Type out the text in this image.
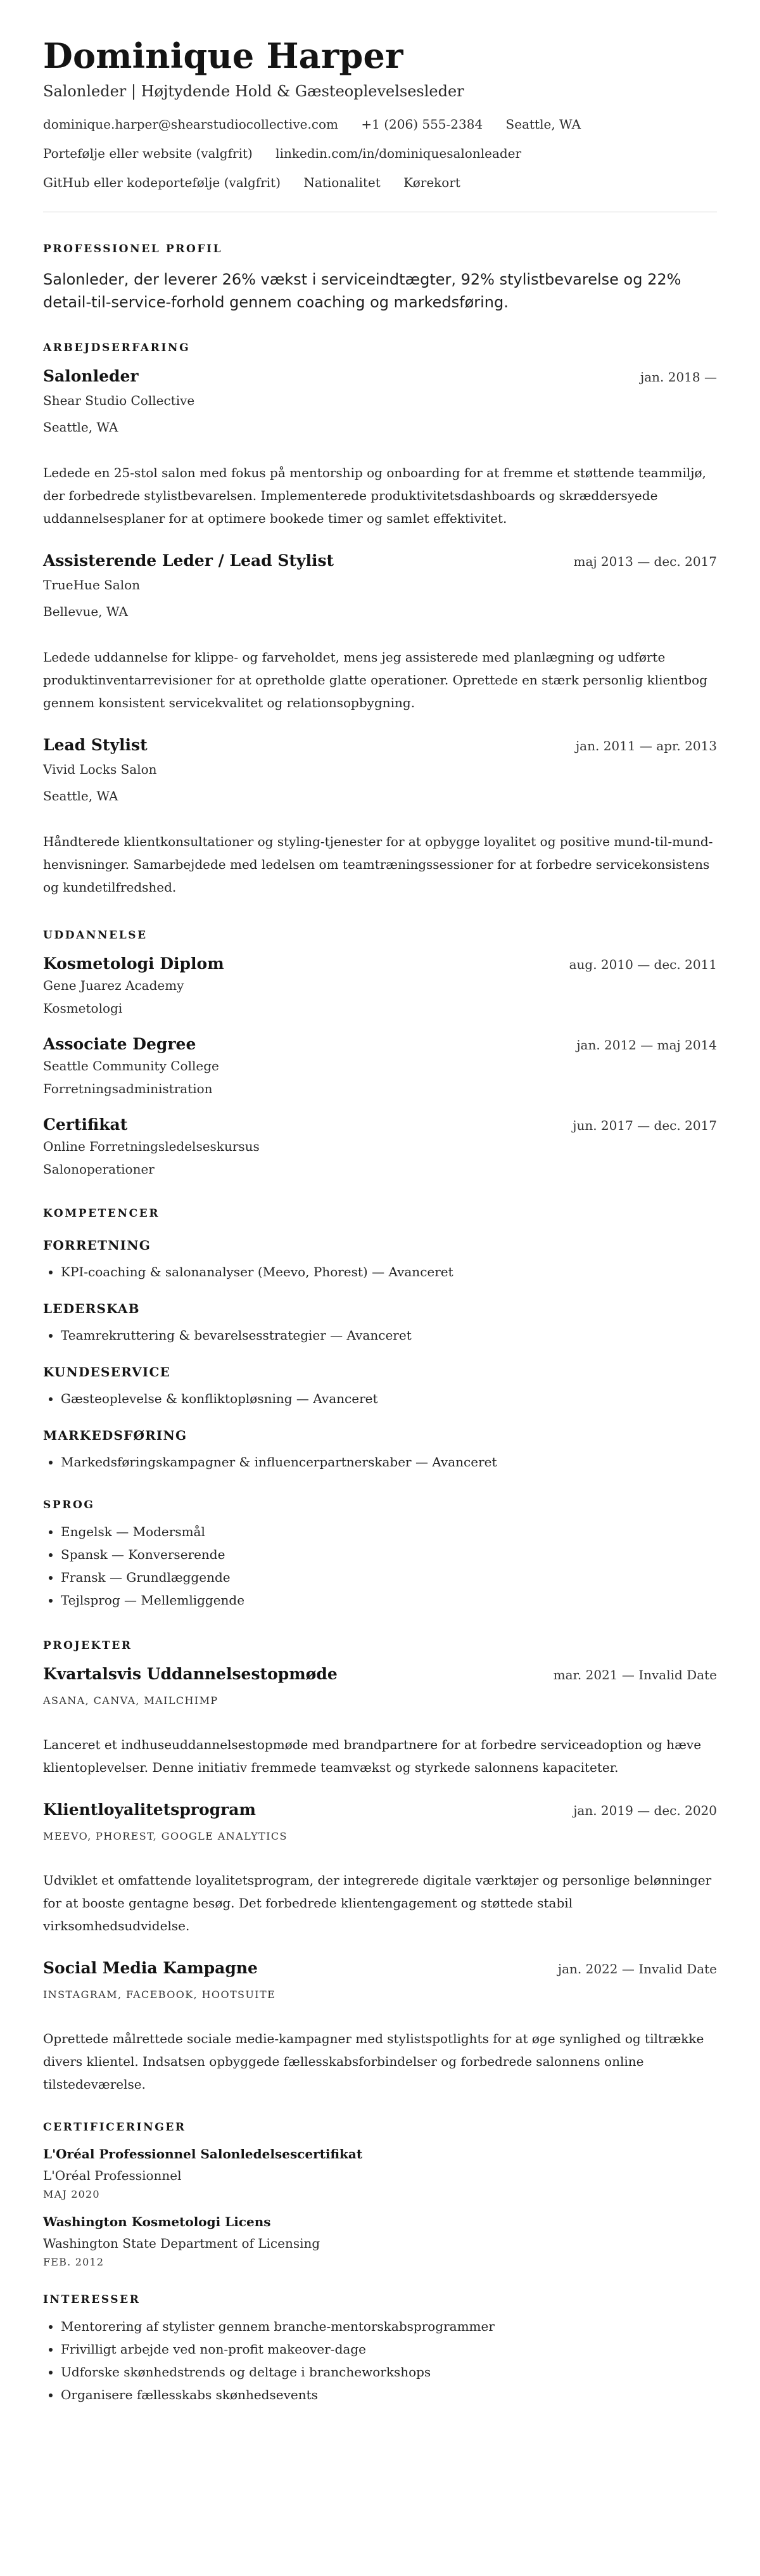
Dominique Harper
Salonleder | Højtydende Hold & Gæsteoplevelsesleder
dominique.harper@shearstudiocollective.com +1 (206) 555-2384 Seattle, WA
Portefølje eller website (valgfrit) linkedin.com/in/dominiquesalonleader
GitHub eller kodeportefølje (valgfrit) Nationalitet Kørekort
PROFESSIONEL PROFIL

Salonleder, der leverer 26% vækst i serviceindtægter, 92% stylistbevarelse og 22% detail-til-service-forhold gennem coaching og markedsføring.

ARBEJDSERFARING
Salonleder	jan. 2018 —
Shear Studio Collective
Seattle, WA
Ledede en 25-stol salon med fokus på mentorship og onboarding for at fremme et støttende teammiljø, der forbedrede stylistbevarelsen. Implementerede produktivitetsdashboards og skræddersyede uddannelsesplaner for at optimere bookede timer og samlet effektivitet.
Assisterende Leder / Lead Stylist	maj 2013 — dec. 2017
TrueHue Salon
Bellevue, WA
Ledede uddannelse for klippe- og farveholdet, mens jeg assisterede med planlægning og udførte produktinventarrevisioner for at opretholde glatte operationer. Oprettede en stærk personlig klientbog gennem konsistent servicekvalitet og relationsopbygning.
Lead Stylist	jan. 2011 — apr. 2013
Vivid Locks Salon
Seattle, WA
Håndterede klientkonsultationer og styling-tjenester for at opbygge loyalitet og positive mund-til-mund-henvisninger. Samarbejdede med ledelsen om teamtræningssessioner for at forbedre servicekonsistens og kundetilfredshed.
UDDANNELSE
Kosmetologi Diplom	aug. 2010 — dec. 2011
Gene Juarez Academy
Kosmetologi
Associate Degree	jan. 2012 — maj 2014
Seattle Community College
Forretningsadministration
Certifikat	jun. 2017 — dec. 2017
Online Forretningsledelseskursus
Salonoperationer
KOMPETENCER
FORRETNING
• KPI-coaching & salonanalyser (Meevo, Phorest) — Avanceret
LEDERSKAB
• Teamrekruttering & bevarelsesstrategier — Avanceret
KUNDESERVICE
• Gæsteoplevelse & konfliktopløsning — Avanceret
MARKEDSFØRING
• Markedsføringskampagner & influencerpartnerskaber — Avanceret
SPROG
• Engelsk — Modersmål
• Spansk — Konverserende
• Fransk — Grundlæggende
• Tejlsprog — Mellemliggende
PROJEKTER
Kvartalsvis Uddannelsestopmøde	mar. 2021 — Invalid Date
ASANA, CANVA, MAILCHIMP
Lanceret et indhuseuddannelsestopmøde med brandpartnere for at forbedre serviceadoption og hæve klientoplevelser. Denne initiativ fremmede teamvækst og styrkede salonnens kapaciteter.
Klientloyalitetsprogram	jan. 2019 — dec. 2020
MEEVO, PHOREST, GOOGLE ANALYTICS
Udviklet et omfattende loyalitetsprogram, der integrerede digitale værktøjer og personlige belønninger for at booste gentagne besøg. Det forbedrede klientengagement og støttede stabil virksomhedsudvidelse.
Social Media Kampagne	jan. 2022 — Invalid Date
INSTAGRAM, FACEBOOK, HOOTSUITE
Oprettede målrettede sociale medie-kampagner med stylistspotlights for at øge synlighed og tiltrække divers klientel. Indsatsen opbyggede fællesskabsforbindelser og forbedrede salonnens online tilstedeværelse.
CERTIFICERINGER
L'Oréal Professionnel Salonledelsescertifikat
L'Oréal Professionnel
MAJ 2020
Washington Kosmetologi Licens
Washington State Department of Licensing
FEB. 2012
INTERESSER
• Mentorering af stylister gennem branche-mentorskabsprogrammer
• Frivilligt arbejde ved non-profit makeover-dage
• Udforske skønhedstrends og deltage i brancheworkshops
• Organisere fællesskabs skønhedsevents
